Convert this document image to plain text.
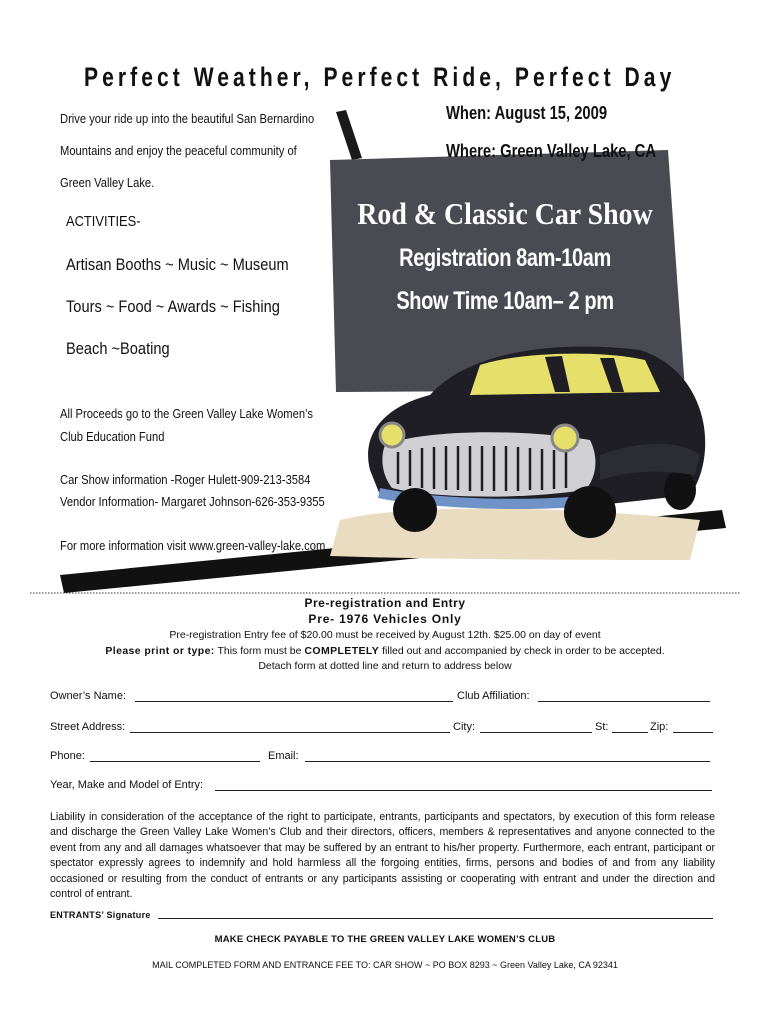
Perfect Weather, Perfect Ride, Perfect Day
Drive your ride up into the beautiful San Bernardino
Mountains and enjoy the peaceful community of
Green Valley Lake.
When: August 15, 2009
Where: Green Valley Lake, CA
ACTIVITIES-
Artisan Booths ~ Music ~ Museum
Tours ~ Food ~ Awards ~ Fishing
Beach ~Boating
Rod & Classic Car Show
Registration 8am-10am
Show Time 10am– 2 pm
All Proceeds go to the Green Valley Lake Women’s
Club Education Fund
Car Show information -Roger Hulett-909-213-3584
Vendor Information- Margaret Johnson-626-353-9355
For more information visit www.green-valley-lake.com
Pre-registration and Entry
Pre- 1976 Vehicles Only
Pre-registration Entry fee of $20.00 must be received by August 12th. $25.00 on day of event
Please print or type: This form must be COMPLETELY filled out and accompanied by check in order to be accepted.
Detach form at dotted line and return to address below
Owner’s Name:	Club Affiliation:
Street Address:	City:	St:	Zip:
Phone:	Email:
Year, Make and Model of Entry:
Liability in consideration of the acceptance of the right to participate, entrants, participants and spectators, by execution of this form release and discharge the Green Valley Lake Women’s Club and their directors, officers, members & representatives and anyone connected to the event from any and all damages whatsoever that may be suffered by an entrant to his/her property. Furthermore, each entrant, participant or spectator expressly agrees to indemnify and hold harmless all the forgoing entities, firms, persons and bodies of and from any liability occasioned or resulting from the conduct of entrants or any participants assisting or cooperating with entrant and under the direction and control of entrant.
ENTRANTS’ Signature
MAKE CHECK PAYABLE TO THE GREEN VALLEY LAKE WOMEN’S CLUB
MAIL COMPLETED FORM AND ENTRANCE FEE TO: CAR SHOW ~ PO BOX 8293 ~ Green Valley Lake, CA 92341
